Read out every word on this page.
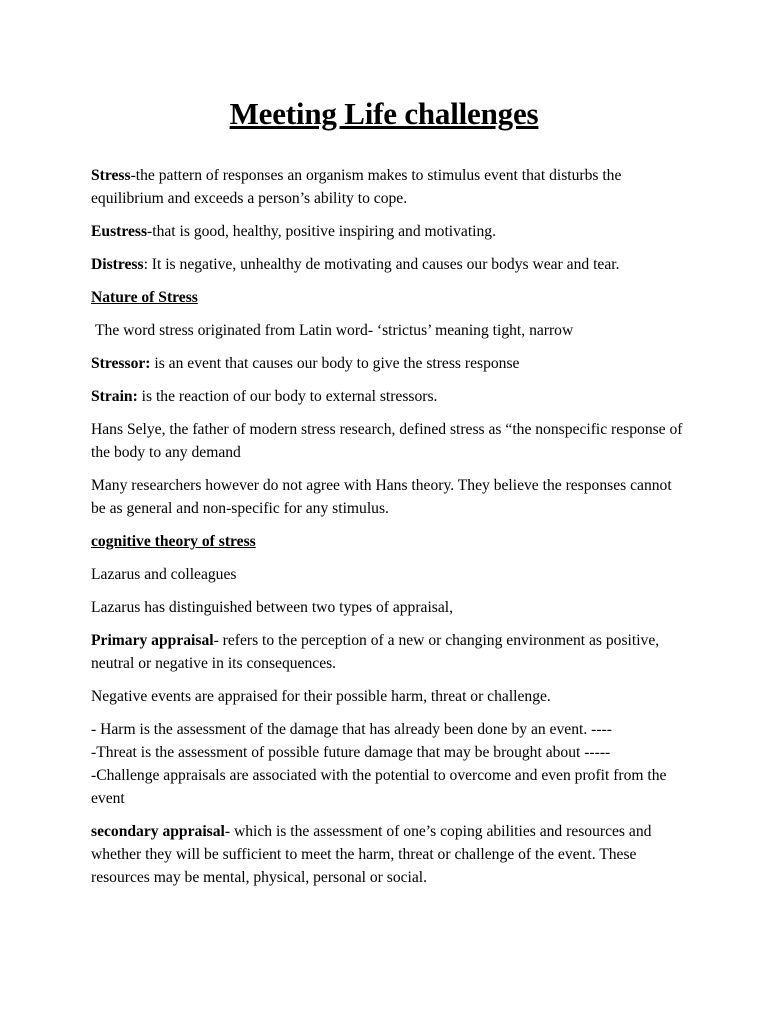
Meeting Life challenges

Stress-the pattern of responses an organism makes to stimulus event that disturbs the equilibrium and exceeds a person’s ability to cope.

Eustress-that is good, healthy, positive inspiring and motivating.

Distress: It is negative, unhealthy de motivating and causes our bodys wear and tear.

Nature of Stress

The word stress originated from Latin word- ‘strictus’ meaning tight, narrow

Stressor: is an event that causes our body to give the stress response

Strain: is the reaction of our body to external stressors.

Hans Selye, the father of modern stress research, defined stress as “the nonspecific response of the body to any demand

Many researchers however do not agree with Hans theory. They believe the responses cannot be as general and non-specific for any stimulus.

cognitive theory of stress

Lazarus and colleagues

Lazarus has distinguished between two types of appraisal,

Primary appraisal- refers to the perception of a new or changing environment as positive, neutral or negative in its consequences.

Negative events are appraised for their possible harm, threat or challenge.

- Harm is the assessment of the damage that has already been done by an event. ----
-Threat is the assessment of possible future damage that may be brought about -----
-Challenge appraisals are associated with the potential to overcome and even profit from the event

secondary appraisal- which is the assessment of one’s coping abilities and resources and whether they will be sufficient to meet the harm, threat or challenge of the event. These resources may be mental, physical, personal or social.
